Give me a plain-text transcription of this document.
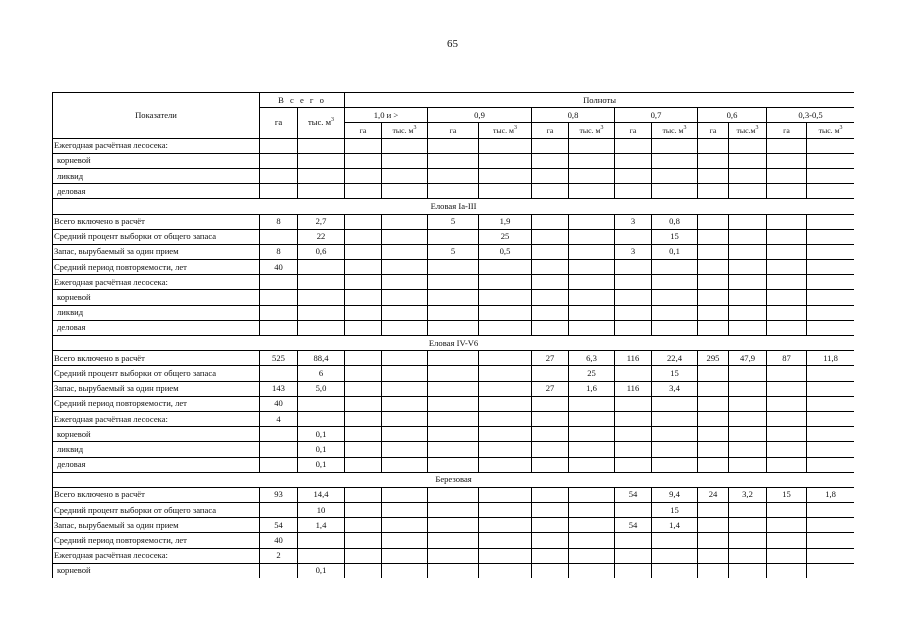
65
Показатели	В с е г о		Полноты											
	га	тыс. $м^3$	1,0 и >		0,9		0,8		0,7		0,6		0,3-0,5	
			га	тыс. $м^3$	га	тыс. $м^3$	га	тыс. $м^3$	га	тыс. $м^3$	га	$тыс.м^3$	га	тыс. $м^3$
Ежегодная расчётная лесосека:														
корневой														
ликвид														
деловая														
Еловая Ia-III														
Всего включено в расчёт	8	2,7			5	1,9			3	0,8				
Средний процент выборки от общего запаса		22				25				15				
Запас, вырубаемый за один прием	8	0,6			5	0,5			3	0,1				
Средний период повторяемости, лет	40													
Ежегодная расчётная лесосека:														
корневой														
ликвид														
деловая														
Еловая IV-V6														
Всего включено в расчёт	525	88,4					27	6,3	116	22,4	295	47,9	87	11,8
Средний процент выборки от общего запаса		6						25		15				
Запас, вырубаемый за один прием	143	5,0					27	1,6	116	3,4				
Средний период повторяемости, лет	40													
Ежегодная расчётная лесосека:	4													
корневой		0,1												
ликвид		0,1												
деловая		0,1												
Березовая														
Всего включено в расчёт	93	14,4							54	9,4	24	3,2	15	1,8
Средний процент выборки от общего запаса		10								15				
Запас, вырубаемый за один прием	54	1,4							54	1,4				
Средний период повторяемости, лет	40													
Ежегодная расчётная лесосека:	2													
корневой		0,1												
